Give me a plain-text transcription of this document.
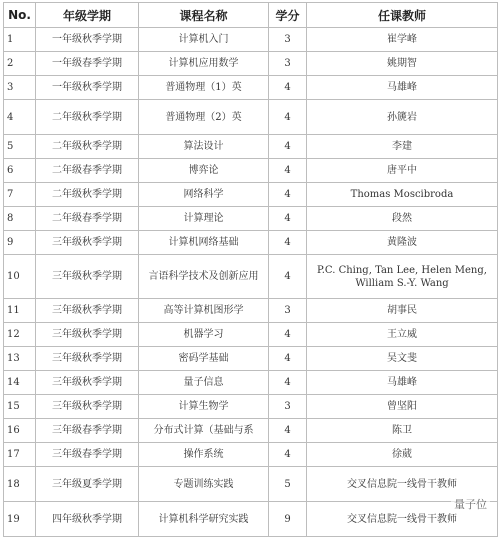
No.	年级学期	课程名称	学分	任课教师
1	一年级秋季学期	计算机入门	3	崔学峰
2	一年级春季学期	计算机应用数学	3	姚期智
3	一年级秋季学期	普通物理（1）英	4	马雄峰
4	二年级秋季学期	普通物理（2）英	4	孙篪岩
5	二年级秋季学期	算法设计	4	李建
6	二年级春季学期	博弈论	4	唐平中
7	二年级秋季学期	网络科学	4	Thomas Moscibroda
8	二年级春季学期	计算理论	4	段然
9	三年级秋季学期	计算机网络基础	4	黄隆波
10	三年级秋季学期	言语科学技术及创新应用	4	P.C. Ching, Tan Lee, Helen Meng, William S.-Y. Wang
11	三年级秋季学期	高等计算机图形学	3	胡事民
12	三年级秋季学期	机器学习	4	王立威
13	三年级秋季学期	密码学基础	4	吴文斐
14	三年级秋季学期	量子信息	4	马雄峰
15	三年级秋季学期	计算生物学	3	曾坚阳
16	三年级春季学期	分布式计算（基础与系	4	陈卫
17	三年级春季学期	操作系统	4	徐葳
18	三年级夏季学期	专题训练实践	5	交叉信息院一线骨干教师
19	四年级秋季学期	计算机科学研究实践	9	交叉信息院一线骨干教师
量子位
